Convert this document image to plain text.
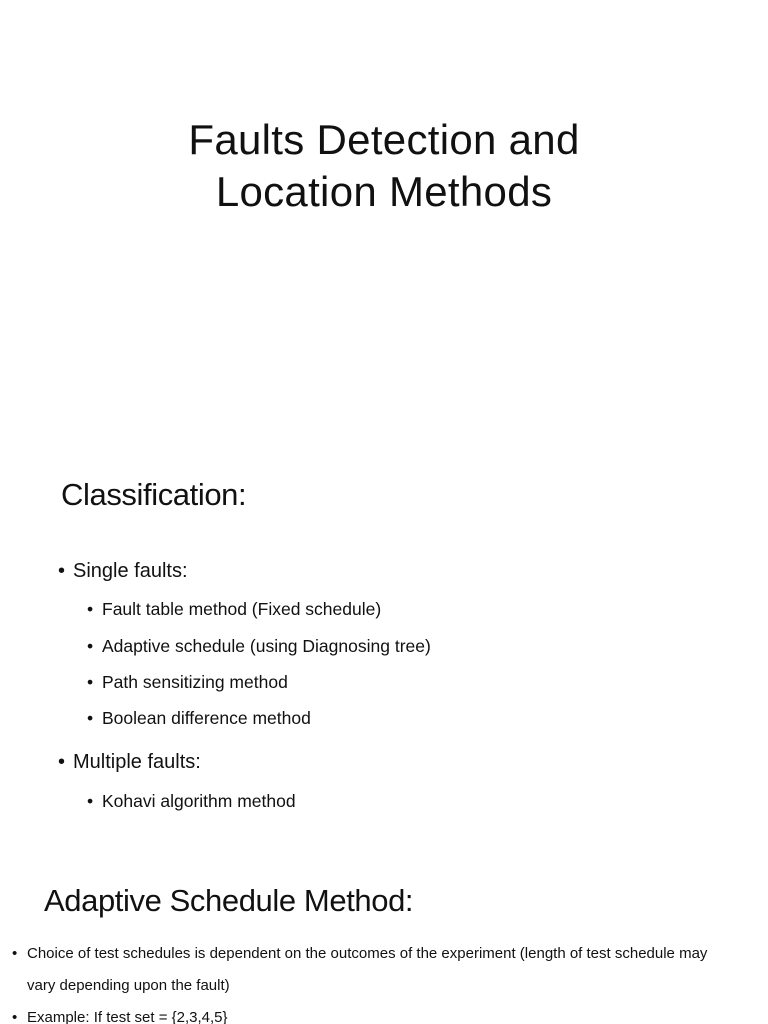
Faults Detection and
Location Methods
Classification:
• Single faults:
• Fault table method (Fixed schedule)
• Adaptive schedule (using Diagnosing tree)
• Path sensitizing method
• Boolean difference method
• Multiple faults:
• Kohavi algorithm method
Adaptive Schedule Method:
• Choice of test schedules is dependent on the outcomes of the experiment (length of test schedule may
vary depending upon the fault)
• Example: If test set = {2,3,4,5}
